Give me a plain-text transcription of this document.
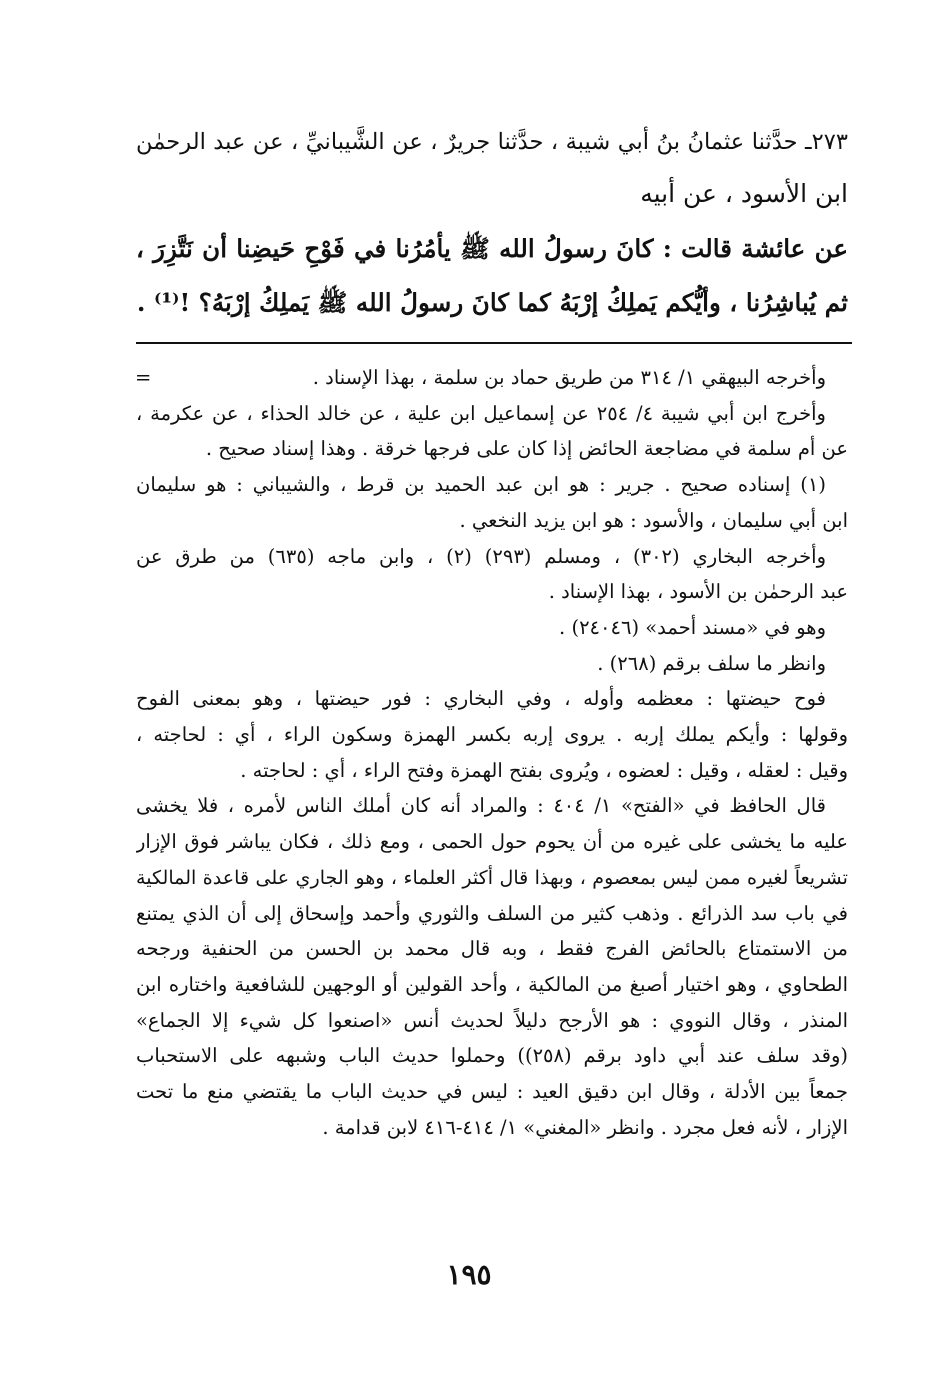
٢٧٣ـ حدَّثنا عثمانُ بنُ أبي شيبة ، حدَّثنا جريرٌ ، عن الشَّيبانيِّ ، عن عبد الرحمٰن
ابن الأسود ، عن أبيه
عن عائشة قالت : كانَ رسولُ الله ﷺ يأمُرُنا في فَوْحِ حَيضِنا أن نَتَّزِرَ ،
ثم يُباشِرُنا ، وأيُّكم يَملِكُ إرْبَهُ كما كانَ رسولُ الله ﷺ يَملِكُ إرْبَهُ؟ !⁽¹⁾ .
=	وأخرجه البيهقي ١/ ٣١٤ من طريق حماد بن سلمة ، بهذا الإسناد .
وأخرج ابن أبي شيبة ٤/ ٢٥٤ عن إسماعيل ابن علية ، عن خالد الحذاء ، عن عكرمة ،
عن أم سلمة في مضاجعة الحائض إذا كان على فرجها خرقة . وهذا إسناد صحيح .
(١) إسناده صحيح . جرير : هو ابن عبد الحميد بن قرط ، والشيباني : هو سليمان
ابن أبي سليمان ، والأسود : هو ابن يزيد النخعي .
وأخرجه البخاري (٣٠٢) ، ومسلم (٢٩٣) (٢) ، وابن ماجه (٦٣٥) من طرق عن
عبد الرحمٰن بن الأسود ، بهذا الإسناد .
وهو في «مسند أحمد» (٢٤٠٤٦) .
وانظر ما سلف برقم (٢٦٨) .
فوح حيضتها : معظمه وأوله ، وفي البخاري : فور حيضتها ، وهو بمعنى الفوح
وقولها : وأيكم يملك إربه . يروى إربه بكسر الهمزة وسكون الراء ، أي : لحاجته ،
وقيل : لعقله ، وقيل : لعضوه ، ويُروى بفتح الهمزة وفتح الراء ، أي : لحاجته .
قال الحافظ في «الفتح» ١/ ٤٠٤ : والمراد أنه كان أملك الناس لأمره ، فلا يخشى
عليه ما يخشى على غيره من أن يحوم حول الحمى ، ومع ذلك ، فكان يباشر فوق الإزار
تشريعاً لغيره ممن ليس بمعصوم ، وبهذا قال أكثر العلماء ، وهو الجاري على قاعدة المالكية
في باب سد الذرائع . وذهب كثير من السلف والثوري وأحمد وإسحاق إلى أن الذي يمتنع
من الاستمتاع بالحائض الفرج فقط ، وبه قال محمد بن الحسن من الحنفية ورجحه
الطحاوي ، وهو اختيار أصبغ من المالكية ، وأحد القولين أو الوجهين للشافعية واختاره ابن
المنذر ، وقال النووي : هو الأرجح دليلاً لحديث أنس «اصنعوا كل شيء إلا الجماع»
(وقد سلف عند أبي داود برقم (٢٥٨)) وحملوا حديث الباب وشبهه على الاستحباب
جمعاً بين الأدلة ، وقال ابن دقيق العيد : ليس في حديث الباب ما يقتضي منع ما تحت
الإزار ، لأنه فعل مجرد . وانظر «المغني» ١/ ٤١٤-٤١٦ لابن قدامة .
١٩٥
